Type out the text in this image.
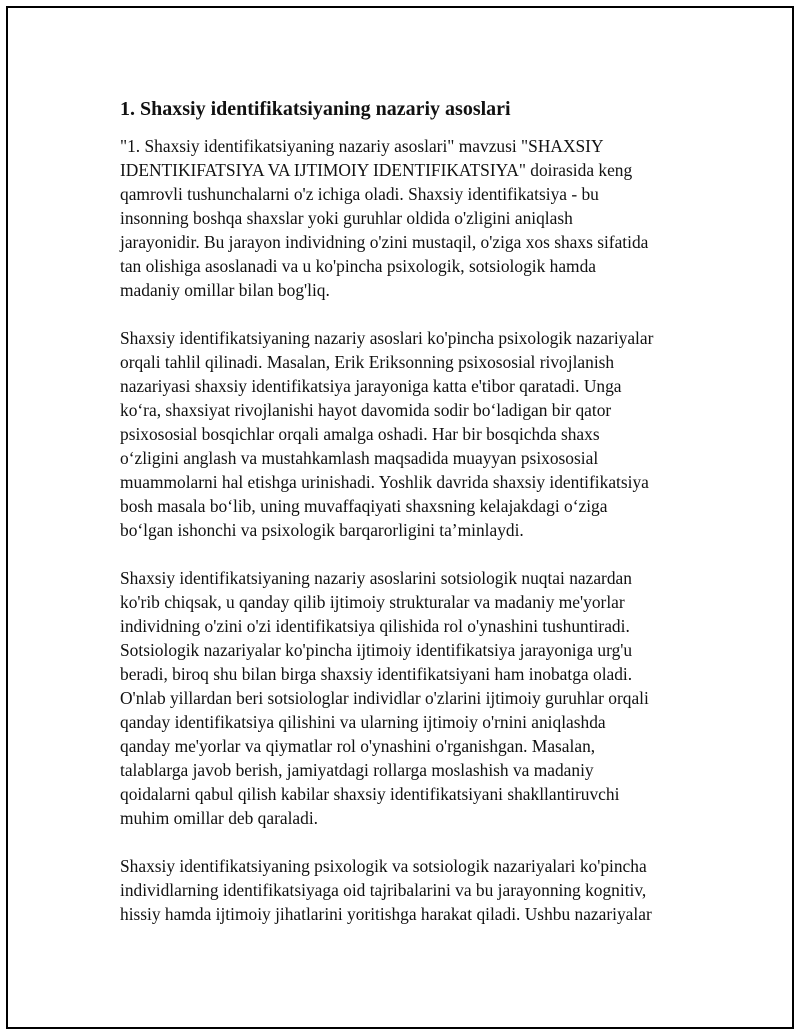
1. Shaxsiy identifikatsiyaning nazariy asoslari

"1. Shaxsiy identifikatsiyaning nazariy asoslari" mavzusi "SHAXSIY
IDENTIKIFATSIYA VA IJTIMOIY IDENTIFIKATSIYA" doirasida keng
qamrovli tushunchalarni o'z ichiga oladi. Shaxsiy identifikatsiya - bu
insonning boshqa shaxslar yoki guruhlar oldida o'zligini aniqlash
jarayonidir. Bu jarayon individning o'zini mustaqil, o'ziga xos shaxs sifatida
tan olishiga asoslanadi va u ko'pincha psixologik, sotsiologik hamda
madaniy omillar bilan bog'liq.

Shaxsiy identifikatsiyaning nazariy asoslari ko'pincha psixologik nazariyalar
orqali tahlil qilinadi. Masalan, Erik Eriksonning psixososial rivojlanish
nazariyasi shaxsiy identifikatsiya jarayoniga katta e'tibor qaratadi. Unga
ko‘ra, shaxsiyat rivojlanishi hayot davomida sodir bo‘ladigan bir qator
psixososial bosqichlar orqali amalga oshadi. Har bir bosqichda shaxs
o‘zligini anglash va mustahkamlash maqsadida muayyan psixososial
muammolarni hal etishga urinishadi. Yoshlik davrida shaxsiy identifikatsiya
bosh masala bo‘lib, uning muvaffaqiyati shaxsning kelajakdagi o‘ziga
bo‘lgan ishonchi va psixologik barqarorligini ta’minlaydi.

Shaxsiy identifikatsiyaning nazariy asoslarini sotsiologik nuqtai nazardan
ko'rib chiqsak, u qanday qilib ijtimoiy strukturalar va madaniy me'yorlar
individning o'zini o'zi identifikatsiya qilishida rol o'ynashini tushuntiradi.
Sotsiologik nazariyalar ko'pincha ijtimoiy identifikatsiya jarayoniga urg'u
beradi, biroq shu bilan birga shaxsiy identifikatsiyani ham inobatga oladi.
O'nlab yillardan beri sotsiologlar individlar o'zlarini ijtimoiy guruhlar orqali
qanday identifikatsiya qilishini va ularning ijtimoiy o'rnini aniqlashda
qanday me'yorlar va qiymatlar rol o'ynashini o'rganishgan. Masalan,
talablarga javob berish, jamiyatdagi rollarga moslashish va madaniy
qoidalarni qabul qilish kabilar shaxsiy identifikatsiyani shakllantiruvchi
muhim omillar deb qaraladi.

Shaxsiy identifikatsiyaning psixologik va sotsiologik nazariyalari ko'pincha
individlarning identifikatsiyaga oid tajribalarini va bu jarayonning kognitiv,
hissiy hamda ijtimoiy jihatlarini yoritishga harakat qiladi. Ushbu nazariyalar
